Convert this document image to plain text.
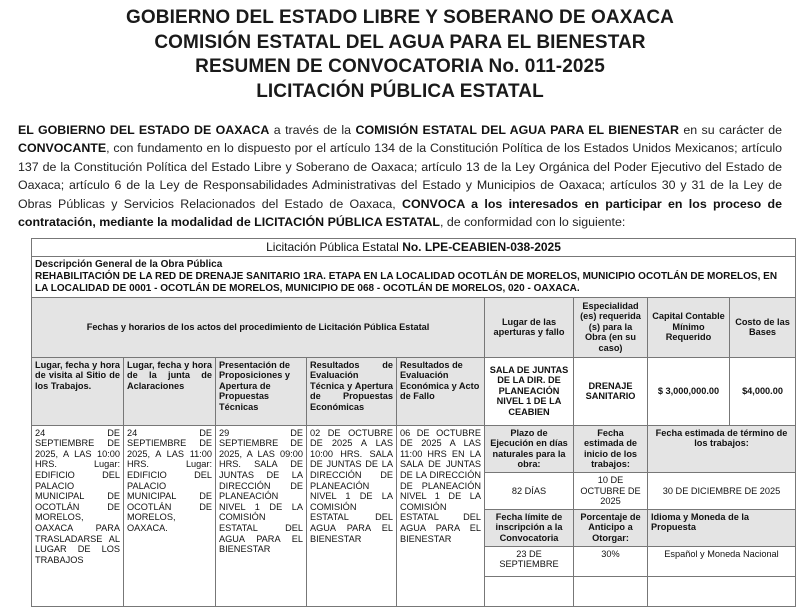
GOBIERNO DEL ESTADO LIBRE Y SOBERANO DE OAXACA
COMISIÓN ESTATAL DEL AGUA PARA EL BIENESTAR
RESUMEN DE CONVOCATORIA No. 011-2025
LICITACIÓN PÚBLICA ESTATAL
EL GOBIERNO DEL ESTADO DE OAXACA a través de la COMISIÓN ESTATAL DEL AGUA PARA EL BIENESTAR en su carácter de CONVOCANTE, con fundamento en lo dispuesto por el artículo 134 de la Constitución Política de los Estados Unidos Mexicanos; artículo 137 de la Constitución Política del Estado Libre y Soberano de Oaxaca; artículo 13 de la Ley Orgánica del Poder Ejecutivo del Estado de Oaxaca; artículo 6 de la Ley de Responsabilidades Administrativas del Estado y Municipios de Oaxaca; artículos 30 y 31 de la Ley de Obras Públicas y Servicios Relacionados del Estado de Oaxaca, CONVOCA a los interesados en participar en los proceso de contratación, mediante la modalidad de LICITACIÓN PÚBLICA ESTATAL, de conformidad con lo siguiente:
Licitación Pública Estatal No. LPE-CEABIEN-038-2025								
Descripción General de la Obra Pública
REHABILITACIÓN DE LA RED DE DRENAJE SANITARIO 1RA. ETAPA EN LA LOCALIDAD OCOTLÁN DE MORELOS, MUNICIPIO OCOTLÁN DE MORELOS, EN LA LOCALIDAD DE 0001 - OCOTLÁN DE MORELOS, MUNICIPIO DE 068 - OCOTLÁN DE MORELOS, 020 - OAXACA.								
Fechas y horarios de los actos del procedimiento de Licitación Pública Estatal					Lugar de las aperturas y fallo	Especialidad (es) requerida (s) para la Obra (en su caso)	Capital Contable Mínimo Requerido	Costo de las Bases
Lugar, fecha y hora de visita al Sitio de los Trabajos.	Lugar, fecha y hora de la junta de Aclaraciones	Presentación de Proposiciones y Apertura de Propuestas Técnicas	Resultados de Evaluación Técnica y Apertura de Propuestas Económicas	Resultados de Evaluación Económica y Acto de Fallo	SALA DE JUNTAS DE LA DIR. DE PLANEACIÓN NIVEL 1 DE LA CEABIEN	DRENAJE SANITARIO	$ 3,000,000.00	$4,000.00
24 DE SEPTIEMBRE DE 2025, A LAS 10:00 HRS. Lugar: EDIFICIO DEL PALACIO MUNICIPAL DE OCOTLÁN DE MORELOS, OAXACA PARA TRASLADARSE AL LUGAR DE LOS TRABAJOS	24 DE SEPTIEMBRE DE 2025, A LAS 11:00 HRS. Lugar: EDIFICIO DEL PALACIO MUNICIPAL DE OCOTLÁN DE MORELOS, OAXACA.	29 DE SEPTIEMBRE DE 2025, A LAS 09:00 HRS. SALA DE JUNTAS DE LA DIRECCIÓN DE PLANEACIÓN NIVEL 1 DE LA COMISIÓN ESTATAL DEL AGUA PARA EL BIENESTAR	02 DE OCTUBRE DE 2025 A LAS 10:00 HRS. SALA DE JUNTAS DE LA DIRECCIÓN DE PLANEACIÓN NIVEL 1 DE LA COMISIÓN ESTATAL DEL AGUA PARA EL BIENESTAR	06 DE OCTUBRE DE 2025 A LAS 11:00 HRS EN LA SALA DE JUNTAS DE LA DIRECCIÓN DE PLANEACIÓN NIVEL 1 DE LA COMISIÓN ESTATAL DEL AGUA PARA EL BIENESTAR	Plazo de Ejecución en días naturales para la obra:	Fecha estimada de inicio de los trabajos:	Fecha estimada de término de los trabajos:	
					82 DÍAS	10 DE OCTUBRE DE 2025	30 DE DICIEMBRE DE 2025	
					Fecha límite de inscripción a la Convocatoria	Porcentaje de Anticipo a Otorgar:	Idioma y Moneda de la Propuesta	
					23 DE SEPTIEMBRE	30%	Español y Moneda Nacional	
